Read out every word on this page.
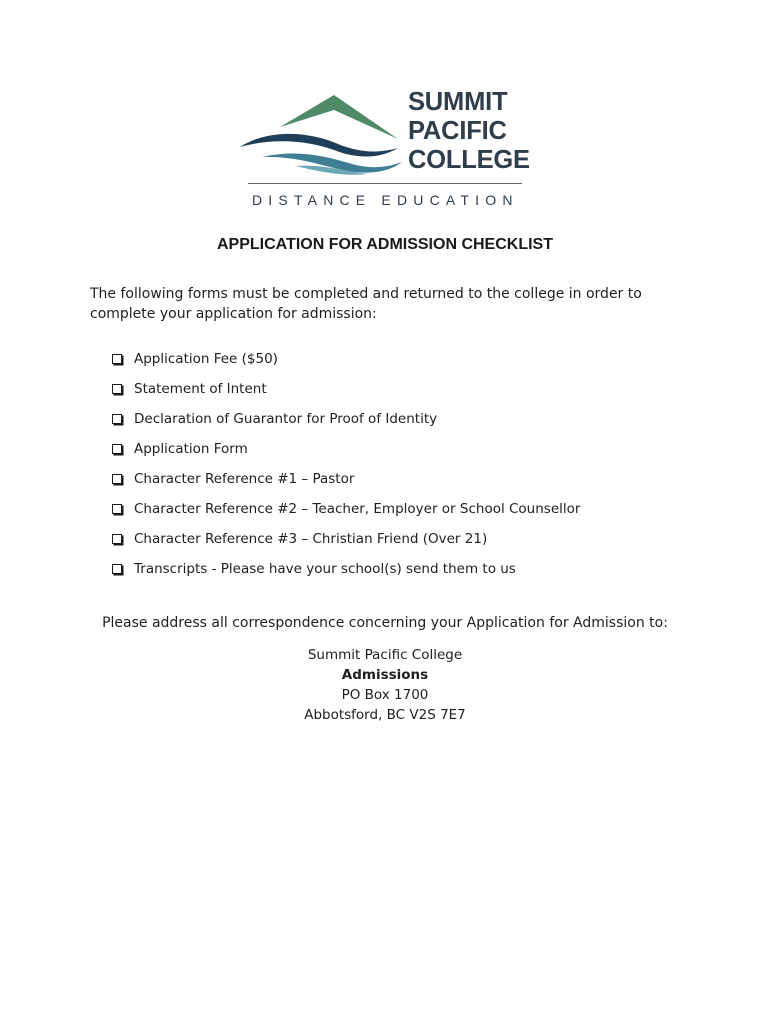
SUMMIT
PACIFIC
COLLEGE
DISTANCE EDUCATION
APPLICATION FOR ADMISSION CHECKLIST
The following forms must be completed and returned to the college in order to complete your application for admission:
Application Fee ($50)
Statement of Intent
Declaration of Guarantor for Proof of Identity
Application Form
Character Reference #1 – Pastor
Character Reference #2 – Teacher, Employer or School Counsellor
Character Reference #3 – Christian Friend (Over 21)
Transcripts - Please have your school(s) send them to us
Please address all correspondence concerning your Application for Admission to:
Summit Pacific College
Admissions
PO Box 1700
Abbotsford, BC V2S 7E7
